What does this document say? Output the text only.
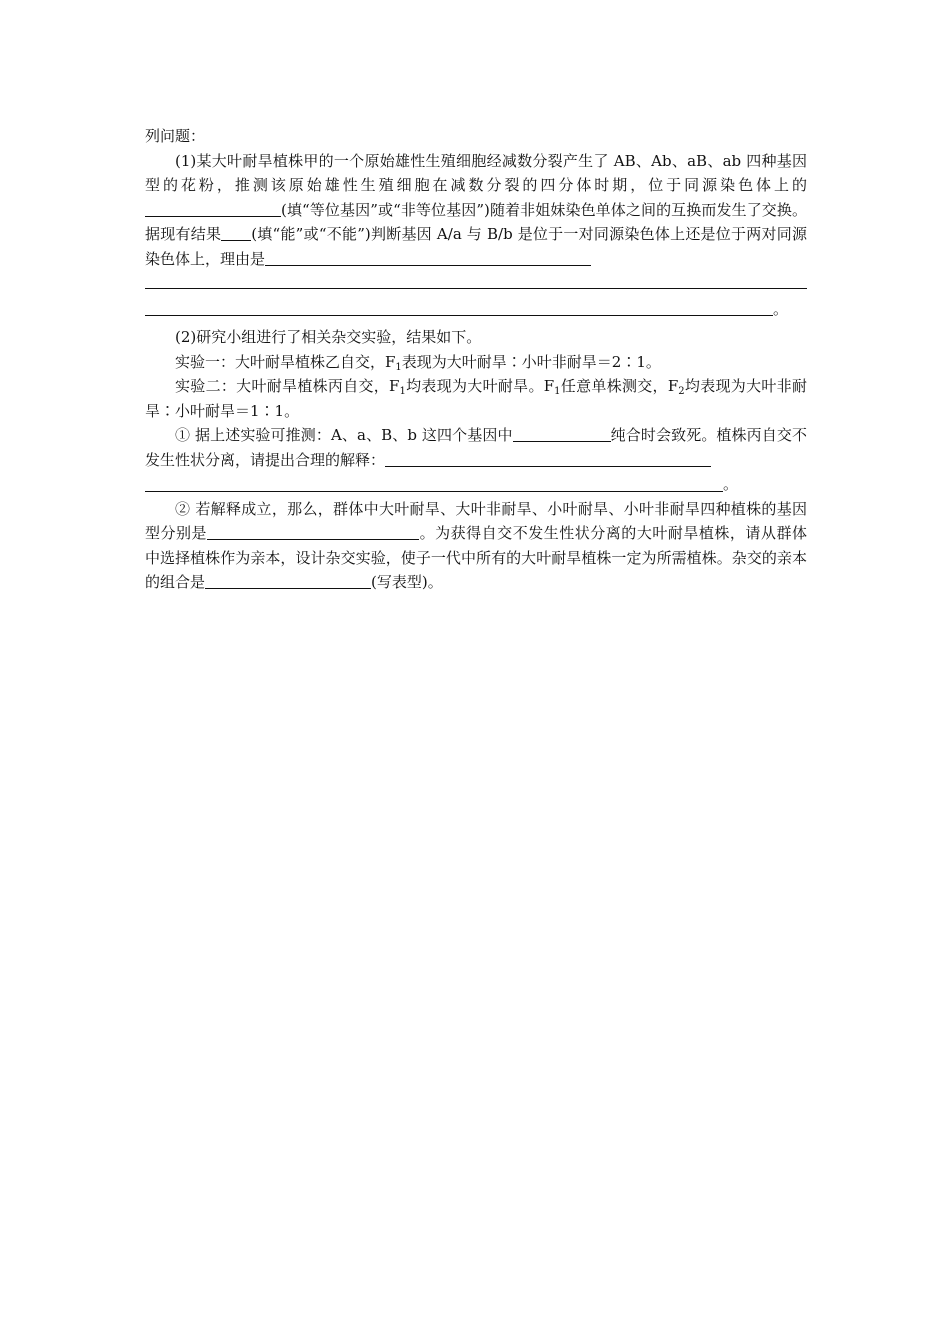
列问题：

(1)某大叶耐旱植株甲的一个原始雄性生殖细胞经减数分裂产生了 AB、Ab、aB、ab 四种基因型的花粉，推测该原始雄性生殖细胞在减数分裂的四分体时期，位于同源染色体上的(填“等位基因”或“非等位基因”)随着非姐妹染色单体之间的互换而发生了交换。据现有结果 (填“能”或“不能”)判断基因 A/a 与 B/b 是位于一对同源染色体上还是位于两对同源染色体上，理由是

。

(2)研究小组进行了相关杂交实验，结果如下。

实验一：大叶耐旱植株乙自交，$F_1$表现为大叶耐旱∶小叶非耐旱＝2∶1。

实验二：大叶耐旱植株丙自交，$F_1$均表现为大叶耐旱。$F_1$任意单株测交，$F_2$均表现为大叶非耐旱∶小叶耐旱＝1∶1。

① 据上述实验可推测：A、a、B、b 这四个基因中	纯合时会致死。植株丙自交不发生性状分离，请提出合理的解释：

。

② 若解释成立，那么，群体中大叶耐旱、大叶非耐旱、小叶耐旱、小叶非耐旱四种植株的基因型分别是	。为获得自交不发生性状分离的大叶耐旱植株，请从群体中选择植株作为亲本，设计杂交实验，使子一代中所有的大叶耐旱植株一定为所需植株。杂交的亲本的组合是	(写表型)。
